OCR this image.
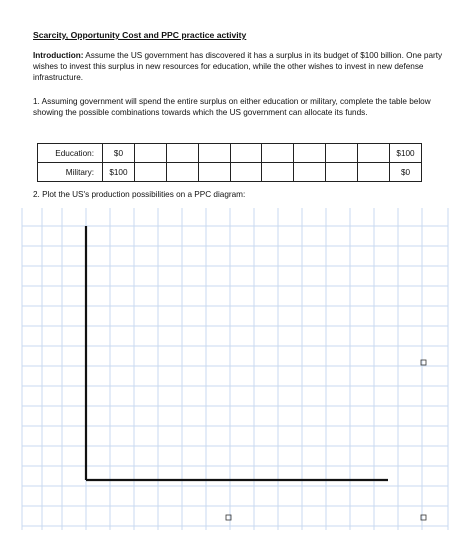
Scarcity, Opportunity Cost and PPC practice activity
Introduction: Assume the US government has discovered it has a surplus in its budget of $100 billion. One party wishes to invest this surplus in new resources for education, while the other wishes to invest in new defense infrastructure.
1. Assuming government will spend the entire surplus on either education or military, complete the table below showing the possible combinations towards which the US government can allocate its funds.
Education:	$0									$100
Military:	$100									$0
2. Plot the US's production possibilities on a PPC diagram:
